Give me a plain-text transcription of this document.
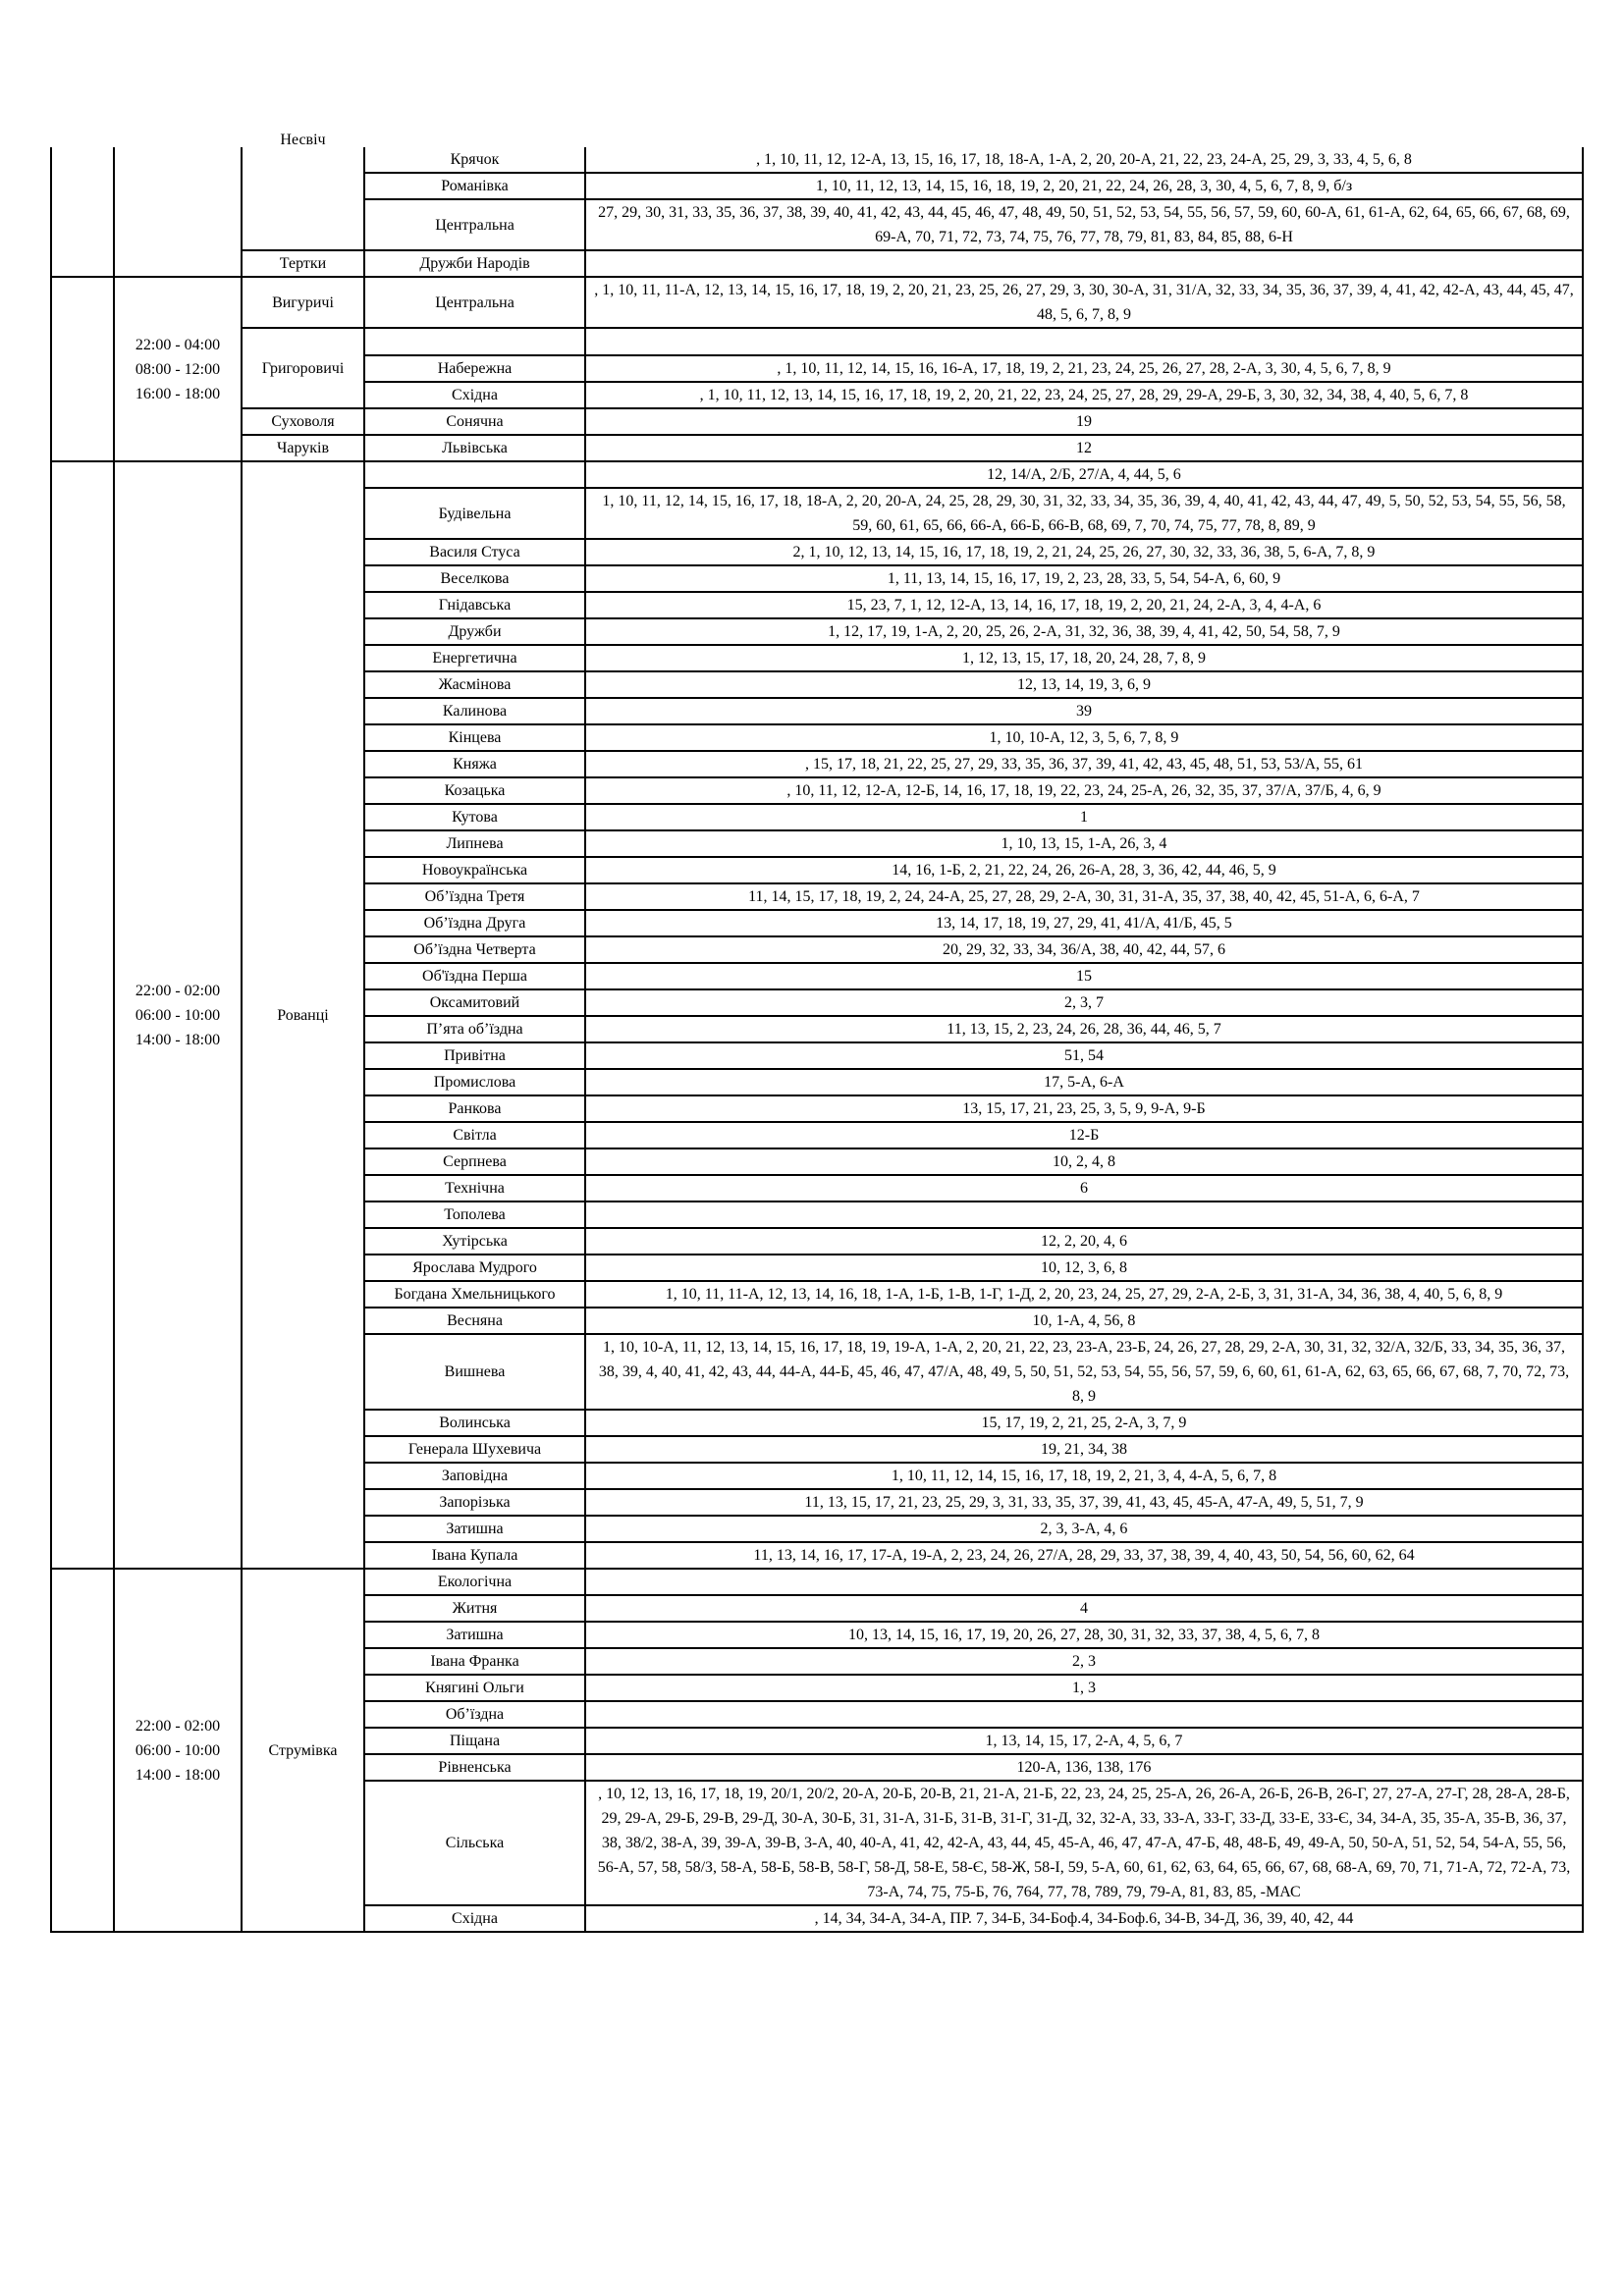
		Несвіч	Крячок	, 1, 10, 11, 12, 12-А, 13, 15, 16, 17, 18, 18-А, 1-А, 2, 20, 20-А, 21, 22, 23, 24-А, 25, 29, 3, 33, 4, 5, 6, 8
			Романівка	1, 10, 11, 12, 13, 14, 15, 16, 18, 19, 2, 20, 21, 22, 24, 26, 28, 3, 30, 4, 5, 6, 7, 8, 9, б/з
			Центральна	27, 29, 30, 31, 33, 35, 36, 37, 38, 39, 40, 41, 42, 43, 44, 45, 46, 47, 48, 49, 50, 51, 52, 53, 54, 55, 56, 57, 59, 60, 60-А, 61, 61-А, 62, 64, 65, 66, 67, 68, 69, 69-А, 70, 71, 72, 73, 74, 75, 76, 77, 78, 79, 81, 83, 84, 85, 88, 6-Н
		Тертки	Дружби Народів	
	22:00 - 04:00
08:00 - 12:00
16:00 - 18:00	Вигуричі	Центральна	, 1, 10, 11, 11-А, 12, 13, 14, 15, 16, 17, 18, 19, 2, 20, 21, 23, 25, 26, 27, 29, 3, 30, 30-А, 31, 31/А, 32, 33, 34, 35, 36, 37, 39, 4, 41, 42, 42-А, 43, 44, 45, 47, 48, 5, 6, 7, 8, 9
		Григоровичі		
			Набережна	, 1, 10, 11, 12, 14, 15, 16, 16-А, 17, 18, 19, 2, 21, 23, 24, 25, 26, 27, 28, 2-А, 3, 30, 4, 5, 6, 7, 8, 9
			Східна	, 1, 10, 11, 12, 13, 14, 15, 16, 17, 18, 19, 2, 20, 21, 22, 23, 24, 25, 27, 28, 29, 29-А, 29-Б, 3, 30, 32, 34, 38, 4, 40, 5, 6, 7, 8
		Суховоля	Сонячна	19
		Чаруків	Львівська	12
	22:00 - 02:00
06:00 - 10:00
14:00 - 18:00	Рованці		12, 14/А, 2/Б, 27/А, 4, 44, 5, 6
			Будівельна	1, 10, 11, 12, 14, 15, 16, 17, 18, 18-А, 2, 20, 20-А, 24, 25, 28, 29, 30, 31, 32, 33, 34, 35, 36, 39, 4, 40, 41, 42, 43, 44, 47, 49, 5, 50, 52, 53, 54, 55, 56, 58, 59, 60, 61, 65, 66, 66-А, 66-Б, 66-В, 68, 69, 7, 70, 74, 75, 77, 78, 8, 89, 9
			Василя Стуса	2, 1, 10, 12, 13, 14, 15, 16, 17, 18, 19, 2, 21, 24, 25, 26, 27, 30, 32, 33, 36, 38, 5, 6-А, 7, 8, 9
			Веселкова	1, 11, 13, 14, 15, 16, 17, 19, 2, 23, 28, 33, 5, 54, 54-А, 6, 60, 9
			Гнідавська	15, 23, 7, 1, 12, 12-А, 13, 14, 16, 17, 18, 19, 2, 20, 21, 24, 2-А, 3, 4, 4-А, 6
			Дружби	1, 12, 17, 19, 1-А, 2, 20, 25, 26, 2-А, 31, 32, 36, 38, 39, 4, 41, 42, 50, 54, 58, 7, 9
			Енергетична	1, 12, 13, 15, 17, 18, 20, 24, 28, 7, 8, 9
			Жасмінова	12, 13, 14, 19, 3, 6, 9
			Калинова	39
			Кінцева	1, 10, 10-А, 12, 3, 5, 6, 7, 8, 9
			Княжа	, 15, 17, 18, 21, 22, 25, 27, 29, 33, 35, 36, 37, 39, 41, 42, 43, 45, 48, 51, 53, 53/А, 55, 61
			Козацька	, 10, 11, 12, 12-А, 12-Б, 14, 16, 17, 18, 19, 22, 23, 24, 25-А, 26, 32, 35, 37, 37/А, 37/Б, 4, 6, 9
			Кутова	1
			Липнева	1, 10, 13, 15, 1-А, 26, 3, 4
			Новоукраїнська	14, 16, 1-Б, 2, 21, 22, 24, 26, 26-А, 28, 3, 36, 42, 44, 46, 5, 9
			Об’їздна Третя	11, 14, 15, 17, 18, 19, 2, 24, 24-А, 25, 27, 28, 29, 2-А, 30, 31, 31-А, 35, 37, 38, 40, 42, 45, 51-А, 6, 6-А, 7
			Об’їздна Друга	13, 14, 17, 18, 19, 27, 29, 41, 41/А, 41/Б, 45, 5
			Об’їздна Четверта	20, 29, 32, 33, 34, 36/А, 38, 40, 42, 44, 57, 6
			Об'їздна Перша	15
			Оксамитовий	2, 3, 7
			П’ята об’їздна	11, 13, 15, 2, 23, 24, 26, 28, 36, 44, 46, 5, 7
			Привітна	51, 54
			Промислова	17, 5-А, 6-А
			Ранкова	13, 15, 17, 21, 23, 25, 3, 5, 9, 9-А, 9-Б
			Світла	12-Б
			Серпнева	10, 2, 4, 8
			Технічна	6
			Тополева	
			Хутірська	12, 2, 20, 4, 6
			Ярослава Мудрого	10, 12, 3, 6, 8
			Богдана Хмельницького	1, 10, 11, 11-А, 12, 13, 14, 16, 18, 1-А, 1-Б, 1-В, 1-Г, 1-Д, 2, 20, 23, 24, 25, 27, 29, 2-А, 2-Б, 3, 31, 31-А, 34, 36, 38, 4, 40, 5, 6, 8, 9
			Весняна	10, 1-А, 4, 56, 8
			Вишнева	1, 10, 10-А, 11, 12, 13, 14, 15, 16, 17, 18, 19, 19-А, 1-А, 2, 20, 21, 22, 23, 23-А, 23-Б, 24, 26, 27, 28, 29, 2-А, 30, 31, 32, 32/А, 32/Б, 33, 34, 35, 36, 37, 38, 39, 4, 40, 41, 42, 43, 44, 44-А, 44-Б, 45, 46, 47, 47/А, 48, 49, 5, 50, 51, 52, 53, 54, 55, 56, 57, 59, 6, 60, 61, 61-А, 62, 63, 65, 66, 67, 68, 7, 70, 72, 73, 8, 9
			Волинська	15, 17, 19, 2, 21, 25, 2-А, 3, 7, 9
			Генерала Шухевича	19, 21, 34, 38
			Заповідна	1, 10, 11, 12, 14, 15, 16, 17, 18, 19, 2, 21, 3, 4, 4-А, 5, 6, 7, 8
			Запорізька	11, 13, 15, 17, 21, 23, 25, 29, 3, 31, 33, 35, 37, 39, 41, 43, 45, 45-А, 47-А, 49, 5, 51, 7, 9
			Затишна	2, 3, 3-А, 4, 6
			Івана Купала	11, 13, 14, 16, 17, 17-А, 19-А, 2, 23, 24, 26, 27/А, 28, 29, 33, 37, 38, 39, 4, 40, 43, 50, 54, 56, 60, 62, 64
	22:00 - 02:00
06:00 - 10:00
14:00 - 18:00	Струмівка	Екологічна	
			Житня	4
			Затишна	10, 13, 14, 15, 16, 17, 19, 20, 26, 27, 28, 30, 31, 32, 33, 37, 38, 4, 5, 6, 7, 8
			Івана Франка	2, 3
			Княгині Ольги	1, 3
			Об’їздна	
			Піщана	1, 13, 14, 15, 17, 2-А, 4, 5, 6, 7
			Рівненська	120-А, 136, 138, 176
			Сільська	, 10, 12, 13, 16, 17, 18, 19, 20/1, 20/2, 20-А, 20-Б, 20-В, 21, 21-А, 21-Б, 22, 23, 24, 25, 25-А, 26, 26-А, 26-Б, 26-В, 26-Г, 27, 27-А, 27-Г, 28, 28-А, 28-Б, 29, 29-А, 29-Б, 29-В, 29-Д, 30-А, 30-Б, 31, 31-А, 31-Б, 31-В, 31-Г, 31-Д, 32, 32-А, 33, 33-А, 33-Г, 33-Д, 33-Е, 33-Є, 34, 34-А, 35, 35-А, 35-В, 36, 37, 38, 38/2, 38-А, 39, 39-А, 39-В, 3-А, 40, 40-А, 41, 42, 42-А, 43, 44, 45, 45-А, 46, 47, 47-А, 47-Б, 48, 48-Б, 49, 49-А, 50, 50-А, 51, 52, 54, 54-А, 55, 56, 56-А, 57, 58, 58/З, 58-А, 58-Б, 58-В, 58-Г, 58-Д, 58-Е, 58-Є, 58-Ж, 58-І, 59, 5-А, 60, 61, 62, 63, 64, 65, 66, 67, 68, 68-А, 69, 70, 71, 71-А, 72, 72-А, 73, 73-А, 74, 75, 75-Б, 76, 764, 77, 78, 789, 79, 79-А, 81, 83, 85, -МАС
			Східна	, 14, 34, 34-А, 34-А, ПР. 7, 34-Б, 34-Боф.4, 34-Боф.6, 34-В, 34-Д, 36, 39, 40, 42, 44
